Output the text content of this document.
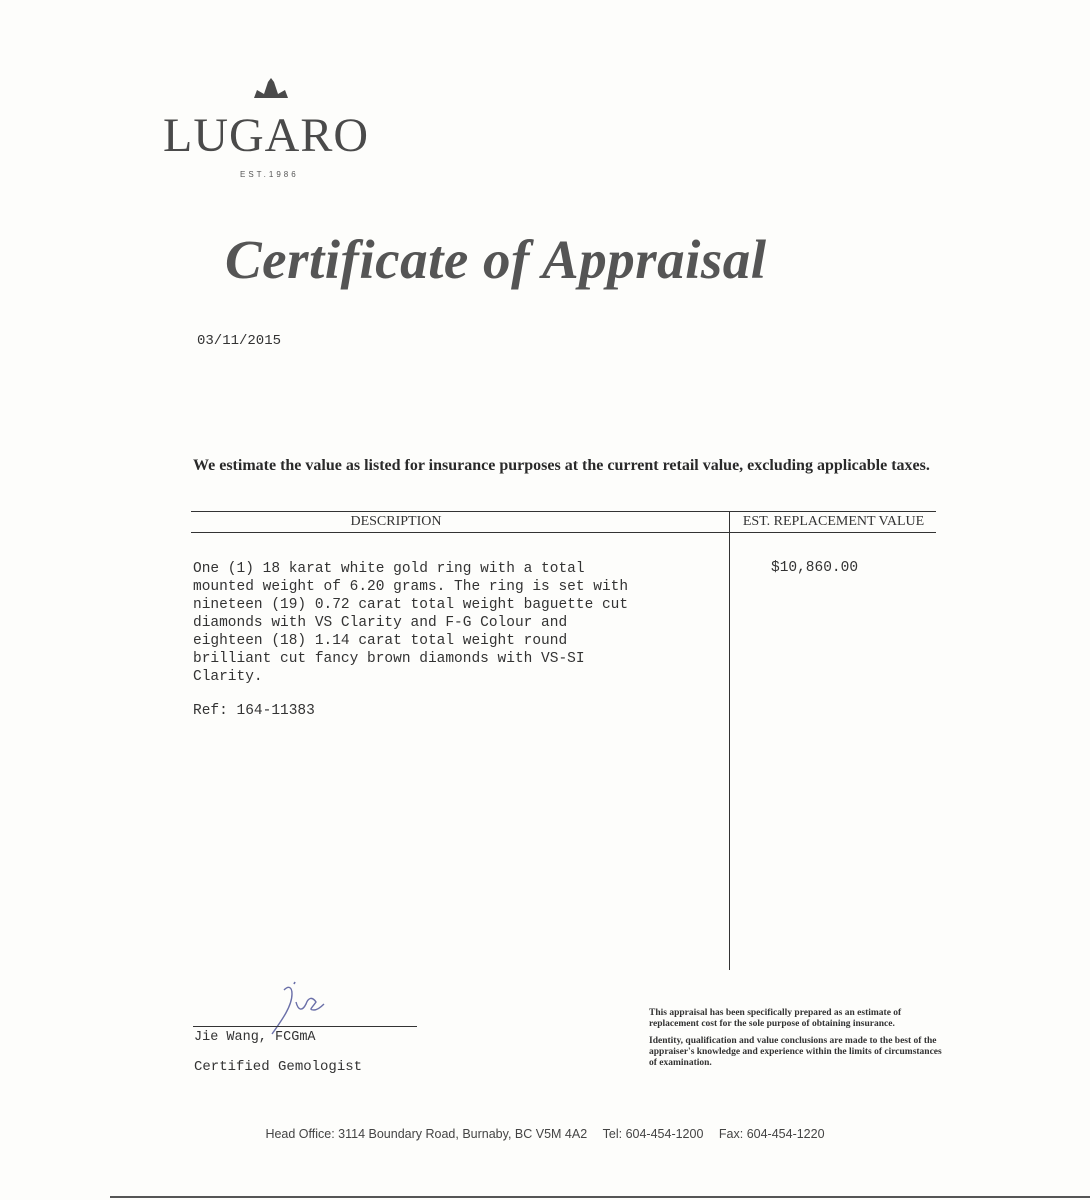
LUGARO
EST.1986
Certificate of Appraisal
03/11/2015
We estimate the value as listed for insurance purposes at the current retail value, excluding applicable taxes.
DESCRIPTION	EST. REPLACEMENT VALUE
One (1) 18 karat white gold ring with a total
mounted weight of 6.20 grams. The ring is set with
nineteen (19) 0.72 carat total weight baguette cut
diamonds with VS Clarity and F-G Colour and
eighteen (18) 1.14 carat total weight round
brilliant cut fancy brown diamonds with VS-SI
Clarity.
Ref: 164-11383
$10,860.00
Jie Wang, FCGmA
Certified Gemologist

This appraisal has been specifically prepared as an estimate of replacement cost for the sole purpose of obtaining insurance.

Identity, qualification and value conclusions are made to the best of the appraiser's knowledge and experience within the limits of circumstances of examination.

Head Office: 3114 Boundary Road, Burnaby, BC V5M 4A2 Tel: 604-454-1200 Fax: 604-454-1220
